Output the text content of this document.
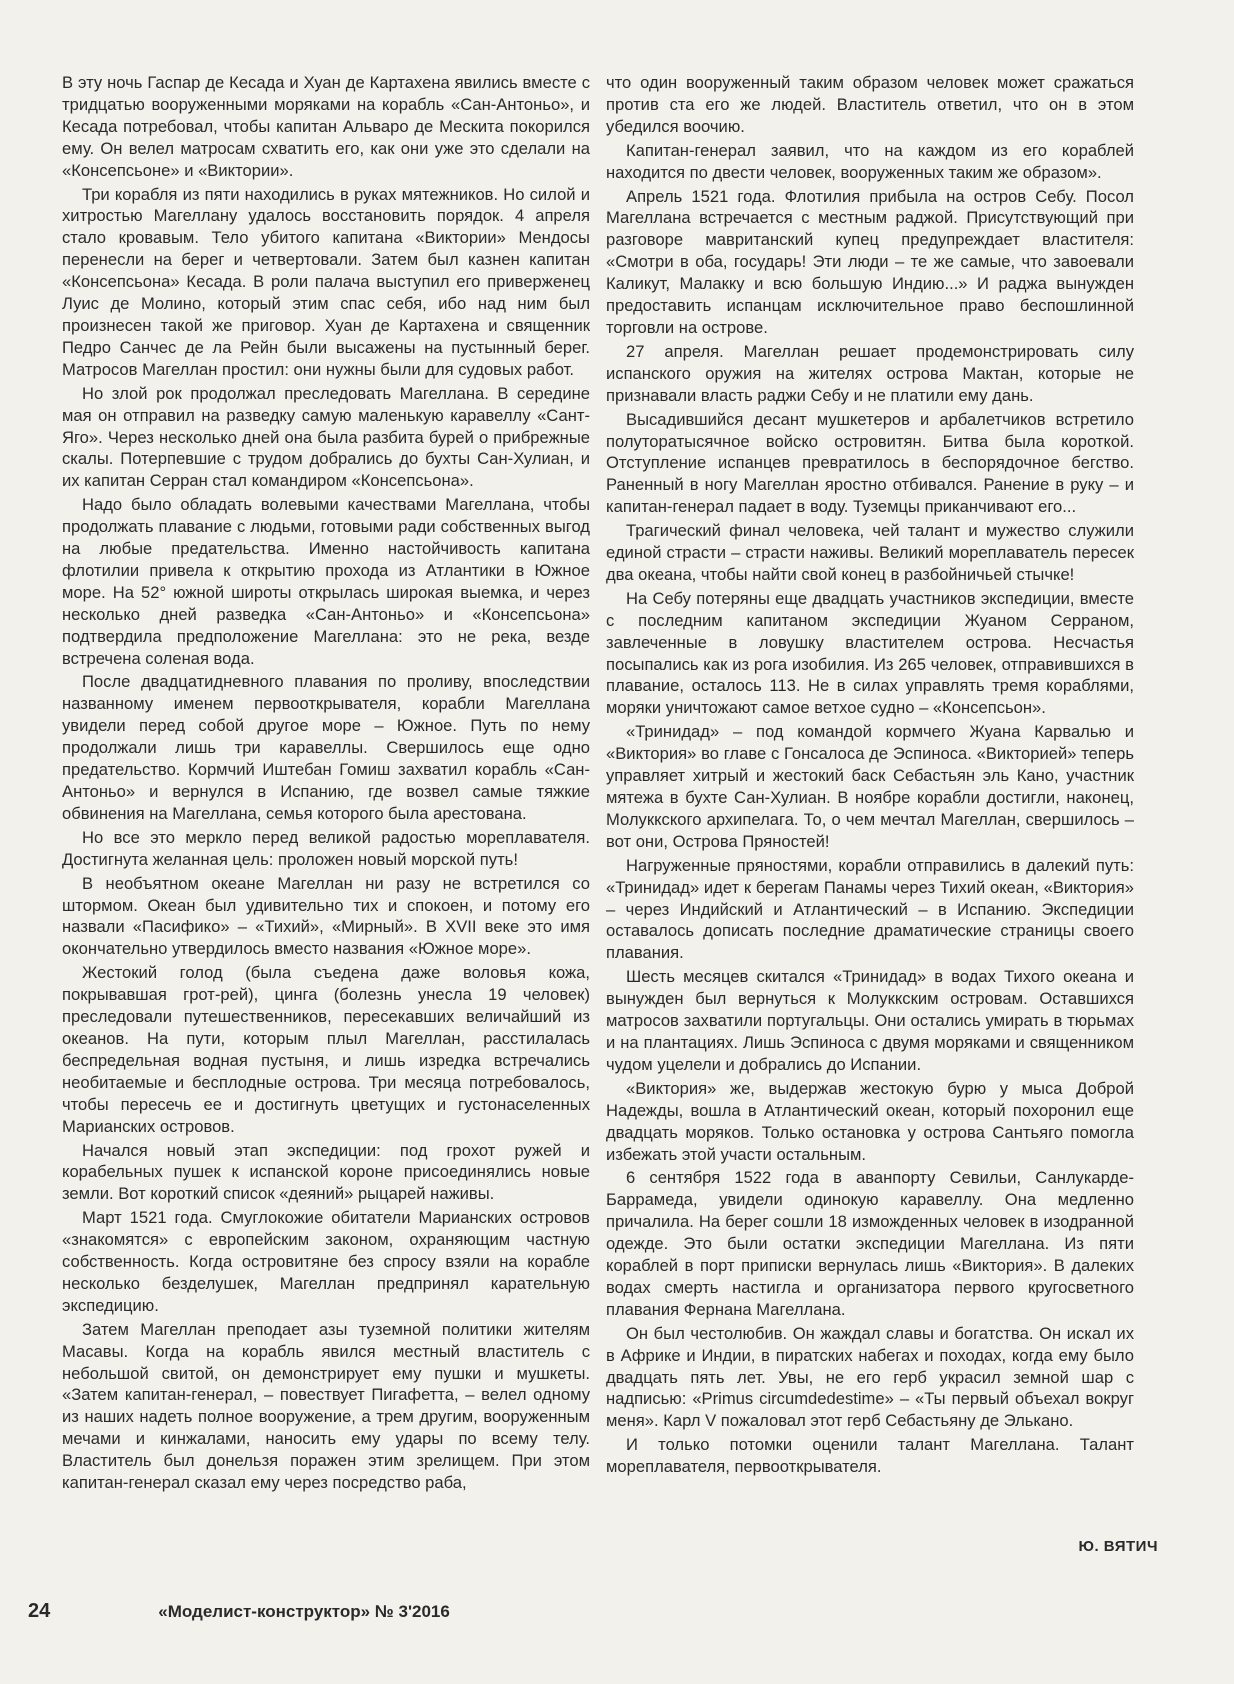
В эту ночь Гаспар де Кесада и Хуан де Картахена явились вместе с тридцатью вооруженными моряками на корабль «Сан-Антоньо», и Кесада потребовал, чтобы капитан Альваро де Мескита покорился ему. Он велел матросам схватить его, как они уже это сделали на «Консепсьоне» и «Виктории».

Три корабля из пяти находились в руках мятежников. Но силой и хитростью Магеллану удалось восстановить порядок. 4 апреля стало кровавым. Тело убитого капитана «Виктории» Мендосы перенесли на берег и четвертовали. Затем был казнен капитан «Консепсьона» Кесада. В роли палача выступил его приверженец Луис де Молино, который этим спас себя, ибо над ним был произнесен такой же приговор. Хуан де Картахена и священник Педро Санчес де ла Рейн были высажены на пустынный берег. Матросов Магеллан простил: они нужны были для судовых работ.

Но злой рок продолжал преследовать Магеллана. В середине мая он отправил на разведку самую маленькую каравеллу «Сант-Яго». Через несколько дней она была разбита бурей о прибрежные скалы. Потерпевшие с трудом добрались до бухты Сан-Хулиан, и их капитан Серран стал командиром «Консепсьона».

Надо было обладать волевыми качествами Магеллана, чтобы продолжать плавание с людьми, готовыми ради собственных выгод на любые предательства. Именно настойчивость капитана флотилии привела к открытию прохода из Атлантики в Южное море. На 52° южной широты открылась широкая выемка, и через несколько дней разведка «Сан-Антоньо» и «Консепсьона» подтвердила предположение Магеллана: это не река, везде встречена соленая вода.

После двадцатидневного плавания по проливу, впоследствии названному именем первооткрывателя, корабли Магеллана увидели перед собой другое море – Южное. Путь по нему продолжали лишь три каравеллы. Свершилось еще одно предательство. Кормчий Иштебан Гомиш захватил корабль «Сан-Антоньо» и вернулся в Испанию, где возвел самые тяжкие обвинения на Магеллана, семья которого была арестована.

Но все это меркло перед великой радостью мореплавателя. Достигнута желанная цель: проложен новый морской путь!

В необъятном океане Магеллан ни разу не встретился со штормом. Океан был удивительно тих и спокоен, и потому его назвали «Пасифико» – «Тихий», «Мирный». В XVII веке это имя окончательно утвердилось вместо названия «Южное море».

Жестокий голод (была съедена даже воловья кожа, покрывавшая грот-рей), цинга (болезнь унесла 19 человек) преследовали путешественников, пересекавших величайший из океанов. На пути, которым плыл Магеллан, расстилалась беспредельная водная пустыня, и лишь изредка встречались необитаемые и бесплодные острова. Три месяца потребовалось, чтобы пересечь ее и достигнуть цветущих и густонаселенных Марианских островов.

Начался новый этап экспедиции: под грохот ружей и корабельных пушек к испанской короне присоединялись новые земли. Вот короткий список «деяний» рыцарей наживы.

Март 1521 года. Смуглокожие обитатели Марианских островов «знакомятся» с европейским законом, охраняющим частную собственность. Когда островитяне без спросу взяли на корабле несколько безделушек, Магеллан предпринял карательную экспедицию.

Затем Магеллан преподает азы туземной политики жителям Масавы. Когда на корабль явился местный властитель с небольшой свитой, он демонстрирует ему пушки и мушкеты. «Затем капитан-генерал, – повествует Пигафетта, – велел одному из наших надеть полное вооружение, а трем другим, вооруженным мечами и кинжалами, наносить ему удары по всему телу. Властитель был донельзя поражен этим зрелищем. При этом капитан-генерал сказал ему через посредство раба,

что один вооруженный таким образом человек может сражаться против ста его же людей. Властитель ответил, что он в этом убедился воочию.

Капитан-генерал заявил, что на каждом из его кораблей находится по двести человек, вооруженных таким же образом».

Апрель 1521 года. Флотилия прибыла на остров Себу. Посол Магеллана встречается с местным раджой. Присутствующий при разговоре мавританский купец предупреждает властителя: «Смотри в оба, государь! Эти люди – те же самые, что завоевали Каликут, Малакку и всю большую Индию...» И раджа вынужден предоставить испанцам исключительное право беспошлинной торговли на острове.

27 апреля. Магеллан решает продемонстрировать силу испанского оружия на жителях острова Мактан, которые не признавали власть раджи Себу и не платили ему дань.

Высадившийся десант мушкетеров и арбалетчиков встретило полуторатысячное войско островитян. Битва была короткой. Отступление испанцев превратилось в беспорядочное бегство. Раненный в ногу Магеллан яростно отбивался. Ранение в руку – и капитан-генерал падает в воду. Туземцы приканчивают его...

Трагический финал человека, чей талант и мужество служили единой страсти – страсти наживы. Великий мореплаватель пересек два океана, чтобы найти свой конец в разбойничьей стычке!

На Себу потеряны еще двадцать участников экспедиции, вместе с последним капитаном экспедиции Жуаном Серраном, завлеченные в ловушку властителем острова. Несчастья посыпались как из рога изобилия. Из 265 человек, отправившихся в плавание, осталось 113. Не в силах управлять тремя кораблями, моряки уничтожают самое ветхое судно – «Консепсьон».

«Тринидад» – под командой кормчего Жуана Карвалью и «Виктория» во главе с Гонсалоса де Эспиноса. «Викторией» теперь управляет хитрый и жестокий баск Себастьян эль Кано, участник мятежа в бухте Сан-Хулиан. В ноябре корабли достигли, наконец, Молуккского архипелага. То, о чем мечтал Магеллан, свершилось – вот они, Острова Пряностей!

Нагруженные пряностями, корабли отправились в далекий путь: «Тринидад» идет к берегам Панамы через Тихий океан, «Виктория» – через Индийский и Атлантический – в Испанию. Экспедиции оставалось дописать последние драматические страницы своего плавания.

Шесть месяцев скитался «Тринидад» в водах Тихого океана и вынужден был вернуться к Молуккским островам. Оставшихся матросов захватили португальцы. Они остались умирать в тюрьмах и на плантациях. Лишь Эспиноса с двумя моряками и священником чудом уцелели и добрались до Испании.

«Виктория» же, выдержав жестокую бурю у мыса Доброй Надежды, вошла в Атлантический океан, который похоронил еще двадцать моряков. Только остановка у острова Сантьяго помогла избежать этой участи остальным.

6 сентября 1522 года в аванпорту Севильи, Санлукарде-Баррамеда, увидели одинокую каравеллу. Она медленно причалила. На берег сошли 18 изможденных человек в изодранной одежде. Это были остатки экспедиции Магеллана. Из пяти кораблей в порт приписки вернулась лишь «Виктория». В далеких водах смерть настигла и организатора первого кругосветного плавания Фернана Магеллана.

Он был честолюбив. Он жаждал славы и богатства. Он искал их в Африке и Индии, в пиратских набегах и походах, когда ему было двадцать пять лет. Увы, не его герб украсил земной шар с надписью: «Primus circumdedestime» – «Ты первый объехал вокруг меня». Карл V пожаловал этот герб Себастьяну де Элькано.

И только потомки оценили талант Магеллана. Талант мореплавателя, первооткрывателя.

Ю. ВЯТИЧ
24	«Моделист-конструктор» № 3'2016
